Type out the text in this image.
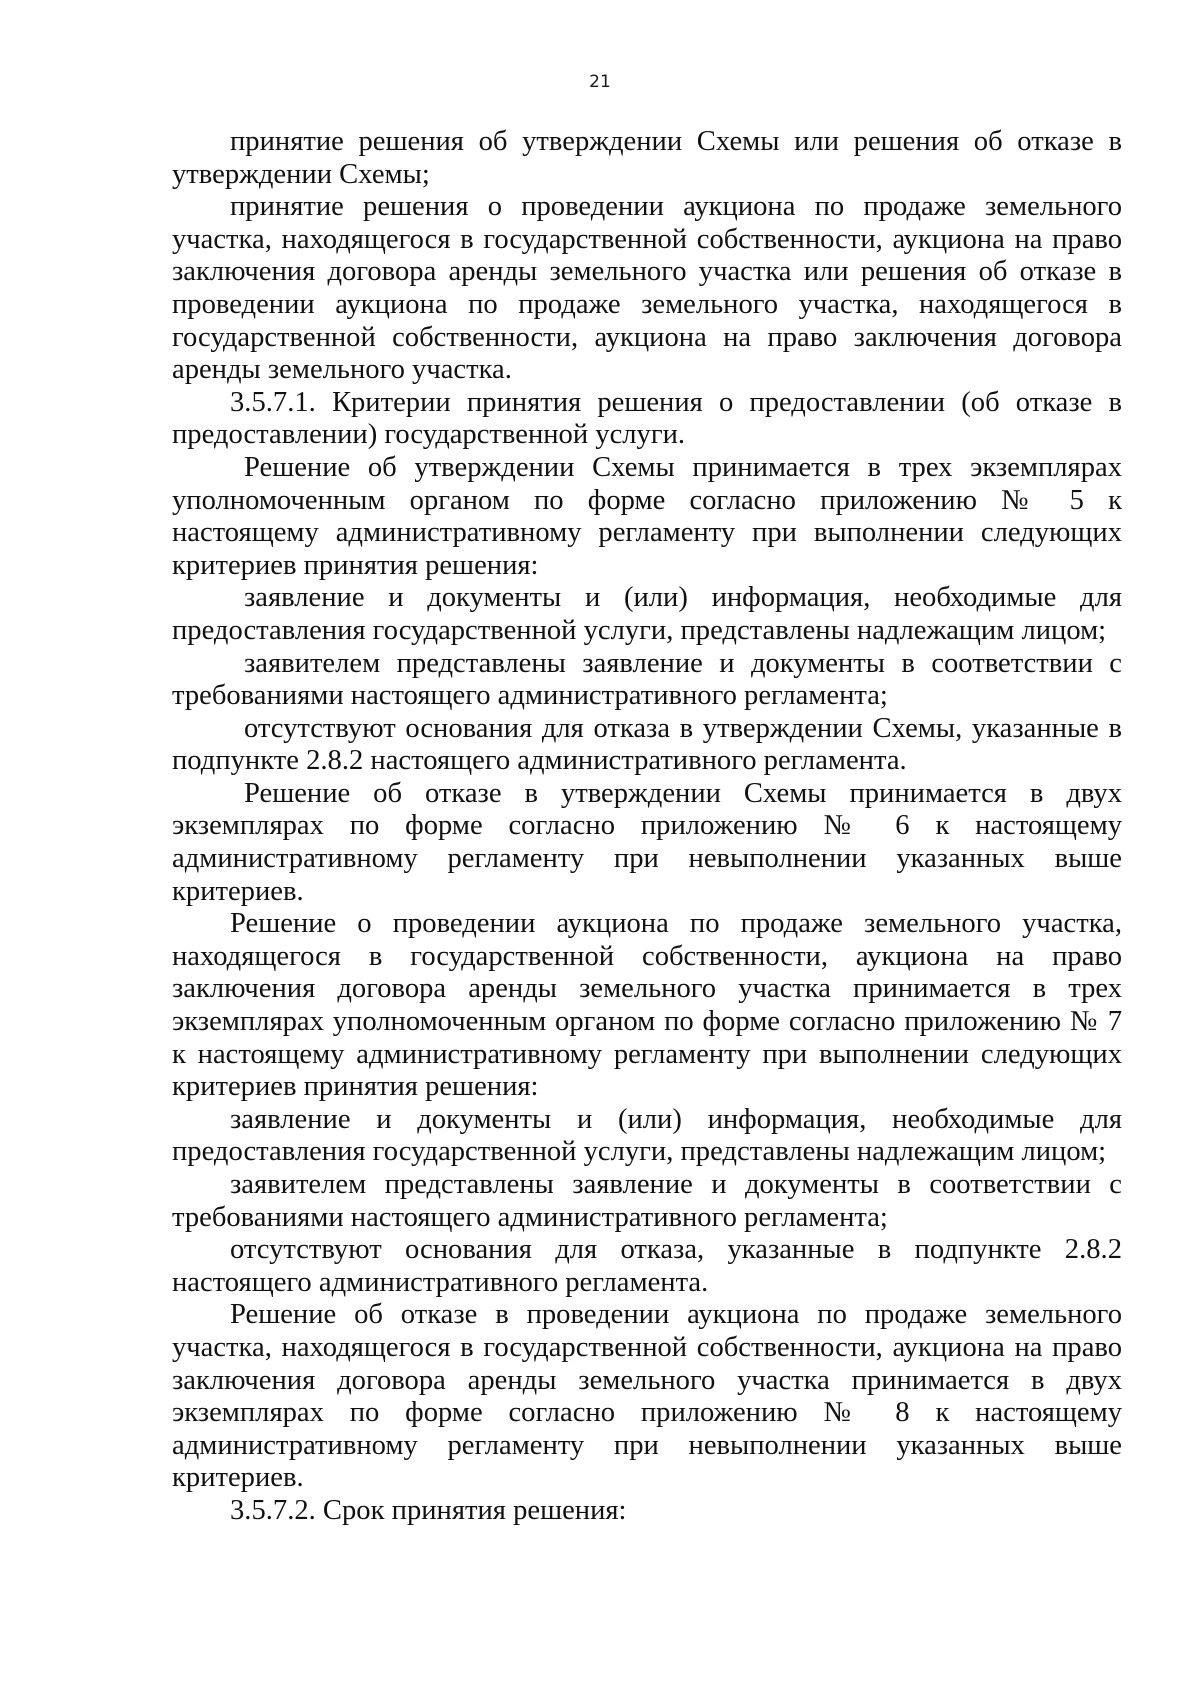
21

принятие решения об утверждении Схемы или решения об отказе в утверждении Схемы;

принятие решения о проведении аукциона по продаже земельного участка, находящегося в государственной собственности, аукциона на право заключения договора аренды земельного участка или решения об отказе в проведении аукциона по продаже земельного участка, находящегося в государственной собственности, аукциона на право заключения договора аренды земельного участка.

3.5.7.1. Критерии принятия решения о предоставлении (об отказе в предоставлении) государственной услуги.

Решение об утверждении Схемы принимается в трех экземплярах уполномоченным органом по форме согласно приложению № 5 к настоящему административному регламенту при выполнении следующих критериев принятия решения:

заявление и документы и (или) информация, необходимые для предоставления государственной услуги, представлены надлежащим лицом;

заявителем представлены заявление и документы в соответствии с требованиями настоящего административного регламента;

отсутствуют основания для отказа в утверждении Схемы, указанные в подпункте 2.8.2 настоящего административного регламента.

Решение об отказе в утверждении Схемы принимается в двух экземплярах по форме согласно приложению № 6 к настоящему административному регламенту при невыполнении указанных выше критериев.

Решение о проведении аукциона по продаже земельного участка, находящегося в государственной собственности, аукциона на право заключения договора аренды земельного участка принимается в трех экземплярах уполномоченным органом по форме согласно приложению № 7 к настоящему административному регламенту при выполнении следующих критериев принятия решения:

заявление и документы и (или) информация, необходимые для предоставления государственной услуги, представлены надлежащим лицом;

заявителем представлены заявление и документы в соответствии с требованиями настоящего административного регламента;

отсутствуют основания для отказа, указанные в подпункте 2.8.2 настоящего административного регламента.

Решение об отказе в проведении аукциона по продаже земельного участка, находящегося в государственной собственности, аукциона на право заключения договора аренды земельного участка принимается в двух экземплярах по форме согласно приложению № 8 к настоящему административному регламенту при невыполнении указанных выше критериев.

3.5.7.2. Срок принятия решения:
